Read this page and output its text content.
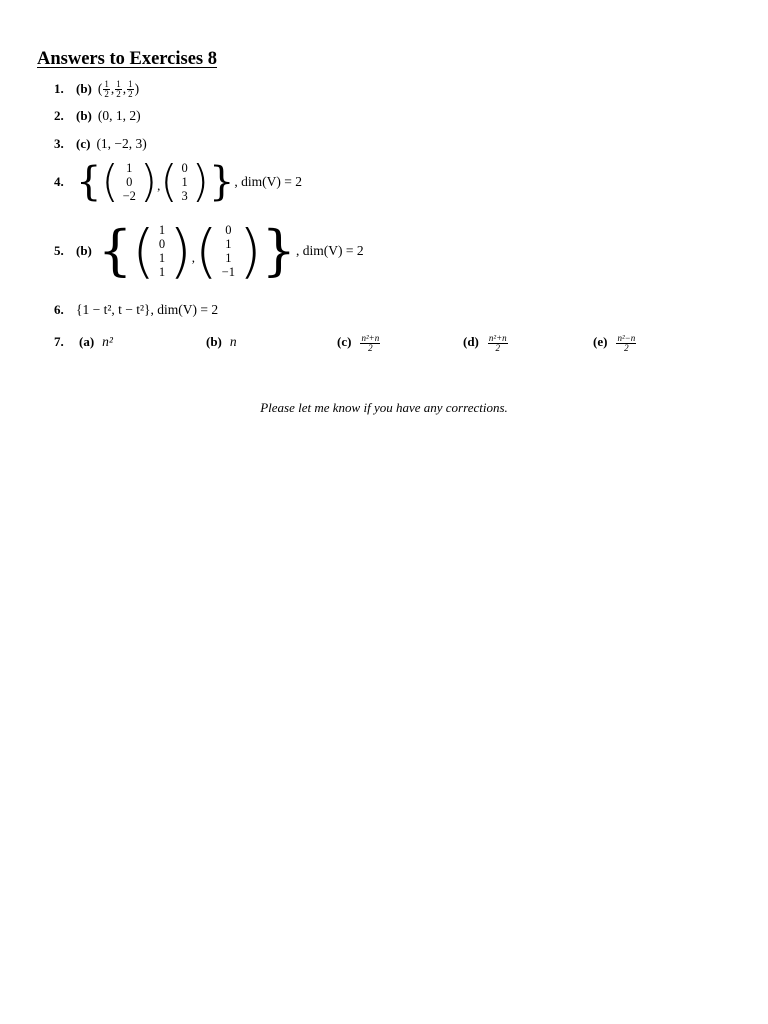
Answers to Exercises 8
1. (b) ( $\frac{1}{2}$ , $\frac{1}{2}$ , $\frac{1}{2}$ )
2. (b) (0, 1, 2)
3. (c) (1, −2, 3)
4. { ( 1
0
−2 ) , ( 0
1
3 ) } , dim(V) = 2
5. (b) { ( 1
0
1
1 ) , ( 0
1
1
−1 ) } , dim(V) = 2
6. {1 − t², t − t²}, dim(V) = 2
7.	(a) n²	(b) n	$(c) \frac{\text{n²+n}}{2}$	$(d) \frac{\text{n²+n}}{2}$	$(e) \frac{\text{n²−n}}{2}$
Please let me know if you have any corrections.
